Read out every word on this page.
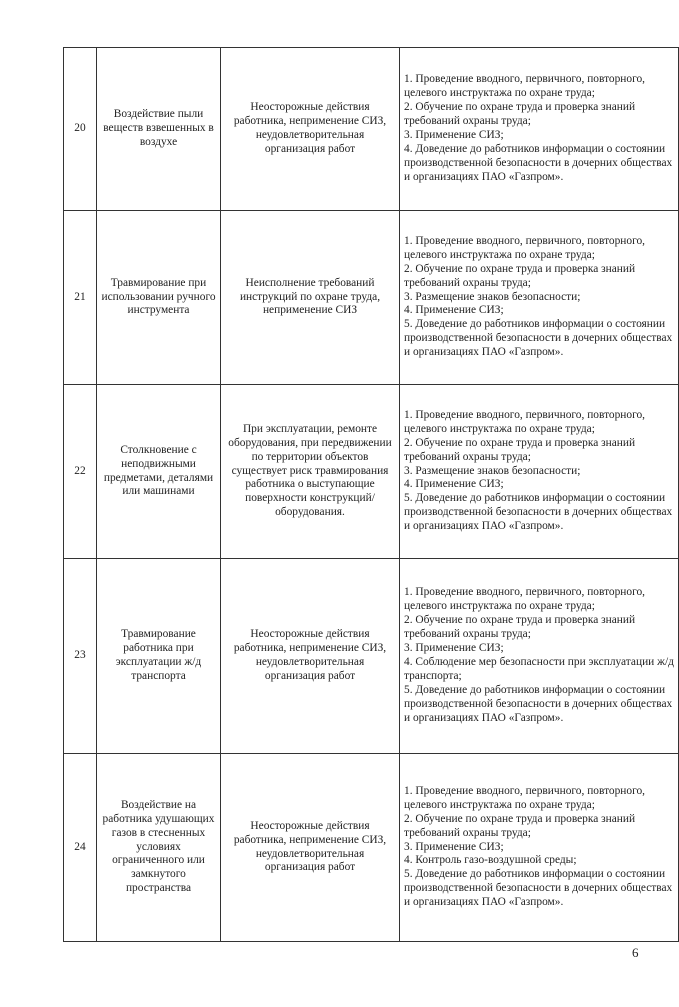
20	Воздействие пыли веществ взвешенных в воздухе	Неосторожные действия работника, неприменение СИЗ, неудовлетворительная организация работ	1. Проведение вводного, первичного, повторного, целевого инструктажа по охране труда;
2. Обучение по охране труда и проверка знаний требований охраны труда;
3. Применение СИЗ;
4. Доведение до работников информации о состоянии производственной безопасности в дочерних обществах и организациях ПАО «Газпром».

21	Травмирование при использовании ручного инструмента	Неисполнение требований инструкций по охране труда, неприменение СИЗ	1. Проведение вводного, первичного, повторного, целевого инструктажа по охране труда;
2. Обучение по охране труда и проверка знаний требований охраны труда;
3. Размещение знаков безопасности;
4. Применение СИЗ;
5. Доведение до работников информации о состоянии производственной безопасности в дочерних обществах и организациях ПАО «Газпром».

22	Столкновение с неподвижными предметами, деталями или машинами	При эксплуатации, ремонте оборудования, при передвижении по территории объектов существует риск травмирования работника о выступающие поверхности конструкций/ оборудования.	1. Проведение вводного, первичного, повторного, целевого инструктажа по охране труда;
2. Обучение по охране труда и проверка знаний требований охраны труда;
3. Размещение знаков безопасности;
4. Применение СИЗ;
5. Доведение до работников информации о состоянии производственной безопасности в дочерних обществах и организациях ПАО «Газпром».

23	Травмирование работника при эксплуатации ж/д транспорта	Неосторожные действия работника, неприменение СИЗ, неудовлетворительная организация работ	1. Проведение вводного, первичного, повторного, целевого инструктажа по охране труда;
2. Обучение по охране труда и проверка знаний требований охраны труда;
3. Применение СИЗ;
4. Соблюдение мер безопасности при эксплуатации ж/д транспорта;
5. Доведение до работников информации о состоянии производственной безопасности в дочерних обществах и организациях ПАО «Газпром».

24	Воздействие на работника удушающих газов в стесненных условиях ограниченного или замкнутого пространства	Неосторожные действия работника, неприменение СИЗ, неудовлетворительная организация работ	1. Проведение вводного, первичного, повторного, целевого инструктажа по охране труда;
2. Обучение по охране труда и проверка знаний требований охраны труда;
3. Применение СИЗ;
4. Контроль газо-воздушной среды;
5. Доведение до работников информации о состоянии производственной безопасности в дочерних обществах и организациях ПАО «Газпром».
6
